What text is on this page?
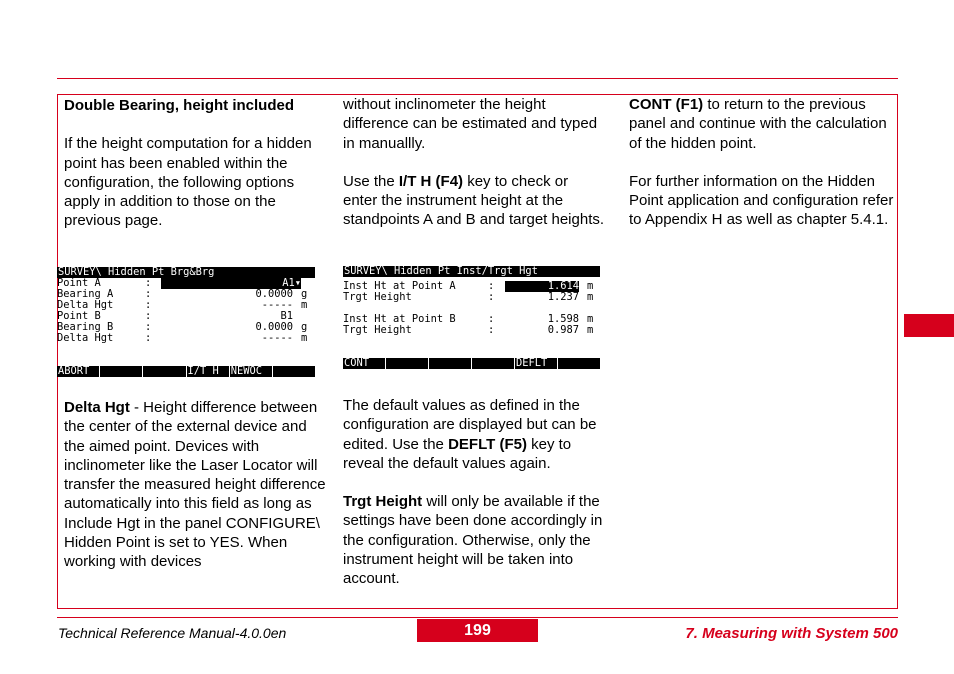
Double Bearing, height included

If the height computation for a hidden point has been enabled within the configuration, the following options apply in addition to those on the previous page.

without inclinometer the height difference can be estimated and typed in manuallly.

Use the I/T H (F4) key to check or enter the instrument height at the standpoints A and B and target heights.

CONT (F1) to return to the previous panel and continue with the calculation of the hidden point.

For further information on the Hidden Point application and configuration refer to Appendix H as well as chapter 5.4.1.

SURVEY\ Hidden Pt Brg&Brg
Point A	:	A1▾
Bearing A	:	0.0000 g
Delta Hgt	:	----- m
Point B	:	B1
Bearing B	:	0.0000 g
Delta Hgt	:	----- m
ABORT	I/T H	NEWOC
SURVEY\ Hidden Pt Inst/Trgt Hgt
Inst Ht at Point A	:	1.614 m
Trgt Height	:	1.237 m
Inst Ht at Point B	:	1.598 m
Trgt Height	:	0.987 m
CONT	DEFLT

Delta Hgt - Height difference between the center of the external device and the aimed point. Devices with inclinometer like the Laser Locator will transfer the measured height difference automatically into this field as long as Include Hgt in the panel CONFIGURE\ Hidden Point is set to YES. When working with devices

The default values as defined in the configuration are displayed but can be edited. Use the DEFLT (F5) key to reveal the default values again.

Trgt Height will only be available if the settings have been done accordingly in the configuration. Otherwise, only the instrument height will be taken into account.

Technical Reference Manual-4.0.0en	199	7. Measuring with System 500
